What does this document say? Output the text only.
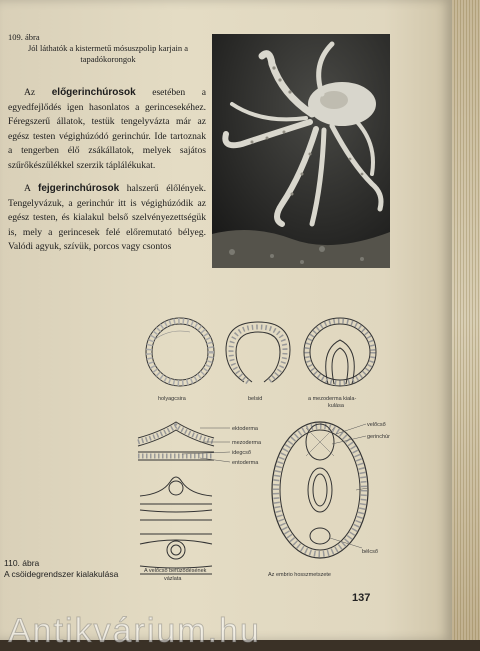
109. ábra
Jól láthatók a kistermetű mósuszpolip karjain a tapadókorongok

Az előgerinchúrosok esetében a egyedfejlődés igen hasonlatos a gerincesekéhez. Féregszerű állatok, testük tengelyvázta már az egész testen végighúzódó gerinchúr. Ide tartoznak a tengerben élő zsákállatok, melyek sajátos szűrőkészülékkel szerzik táplálékukat.

A fejgerinchúrosok halszerű élőlények. Tengelyvázuk, a gerinchúr itt is végighúzódik az egész testen, és kialakul belső szelvényezettségük is, mely a gerincesek felé előremutató bélyeg. Valódi agyuk, szívük, porcos vagy csontos

holyagcsira	belsid	a mezoderma kiala-
kulása
ektoderma
mezoderma
idegcső
entoderma
velőcső
gerinchúr
bélcső
A velőcső befűződésének
vázlata
Az embrio hosszmetszete
110. ábra
A csöidegrendszer kialakulása
137
Antikvárium.hu
